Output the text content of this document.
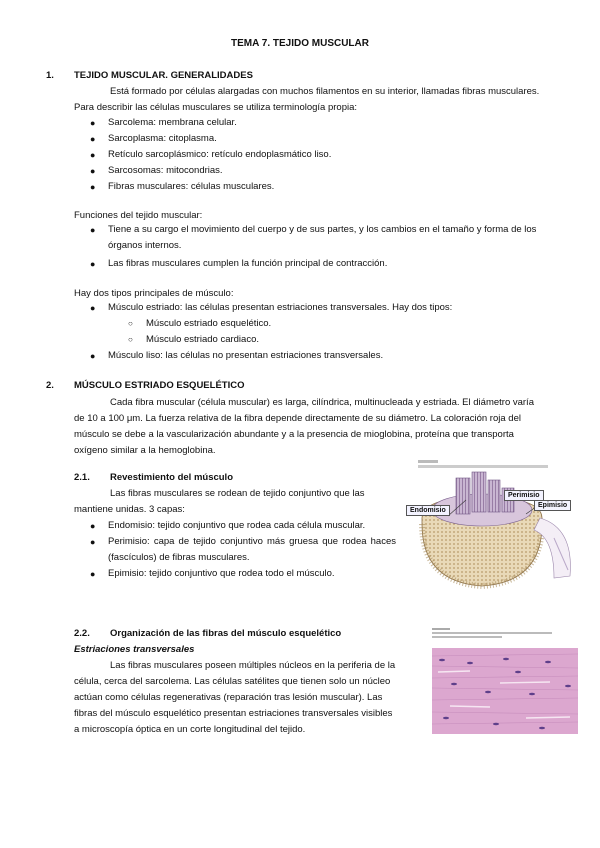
TEMA 7. TEJIDO MUSCULAR
1. TEJIDO MUSCULAR. GENERALIDADES
Está formado por células alargadas con muchos filamentos en su interior, llamadas fibras musculares.
Para describir las células musculares se utiliza terminología propia:
● Sarcolema: membrana celular.
● Sarcoplasma: citoplasma.
● Retículo sarcoplásmico: retículo endoplasmático liso.
● Sarcosomas: mitocondrias.
● Fibras musculares: células musculares.
Funciones del tejido muscular:
● Tiene a su cargo el movimiento del cuerpo y de sus partes, y los cambios en el tamaño y forma de los órganos internos.
● Las fibras musculares cumplen la función principal de contracción.
Hay dos tipos principales de músculo:
● Músculo estriado: las células presentan estriaciones transversales. Hay dos tipos:
○ Músculo estriado esquelético.
○ Músculo estriado cardiaco.
● Músculo liso: las células no presentan estriaciones transversales.
2. MÚSCULO ESTRIADO ESQUELÉTICO
Cada fibra muscular (célula muscular) es larga, cilíndrica, multinucleada y estriada. El diámetro varía
de 10 a 100 μm. La fuerza relativa de la fibra depende directamente de su diámetro. La coloración roja del
músculo se debe a la vascularización abundante y a la presencia de mioglobina, proteína que transporta
oxígeno similar a la hemoglobina.
2.1. Revestimiento del músculo
Las fibras musculares se rodean de tejido conjuntivo que las
mantiene unidas. 3 capas:
● Endomisio: tejido conjuntivo que rodea cada célula muscular.
● Perimisio: capa de tejido conjuntivo más gruesa que rodea haces (fascículos) de fibras musculares.
● Epimisio: tejido conjuntivo que rodea todo el músculo.
Endomisio
Perimisio
Epimisio
2.2. Organización de las fibras del músculo esquelético
Estriaciones transversales
Las fibras musculares poseen múltiples núcleos en la periferia de la
célula, cerca del sarcolema. Las células satélites que tienen solo un núcleo
actúan como células regenerativas (reparación tras lesión muscular). Las
fibras del músculo esquelético presentan estriaciones transversales visibles
a microscopía óptica en un corte longitudinal del tejido.
